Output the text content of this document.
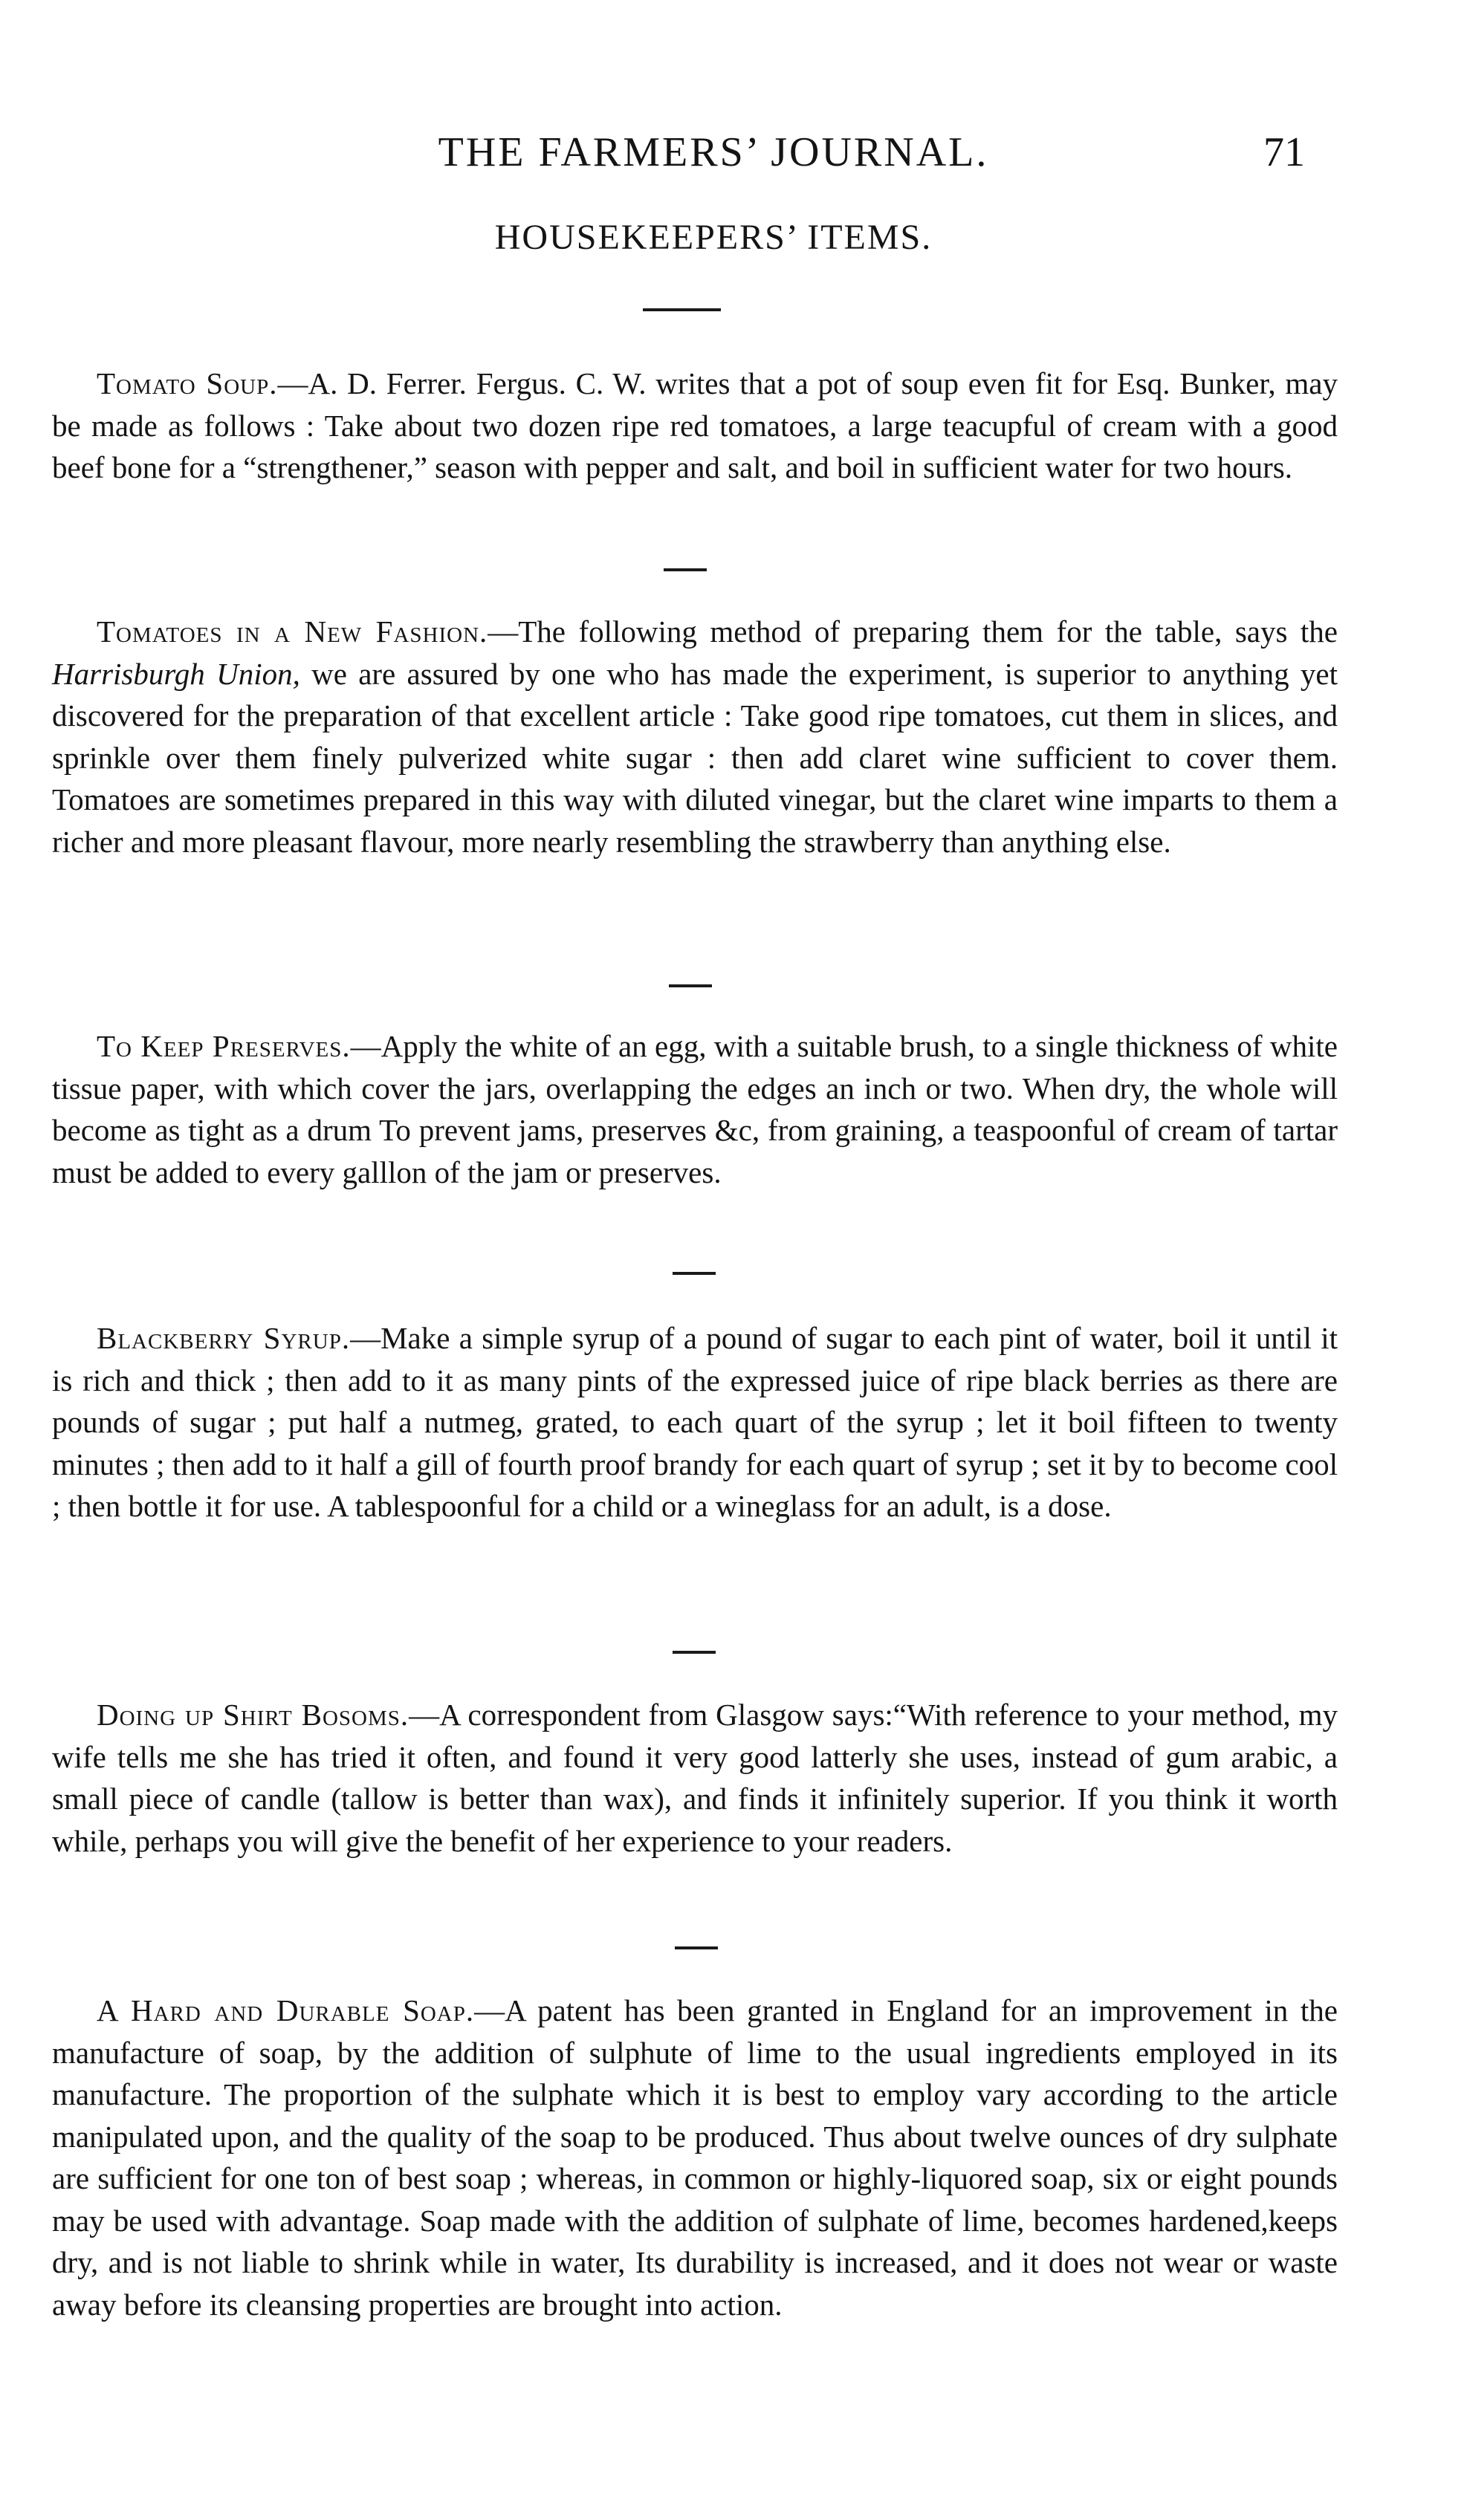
THE FARMERS’ JOURNAL.	71
HOUSEKEEPERS’ ITEMS.

Tomato Soup.—A. D. Ferrer. Fergus. C. W. writes that a pot of soup even fit for Esq. Bunker, may be made as follows : Take about two dozen ripe red tomatoes, a large teacupful of cream with a good beef bone for a “strengthener,” season with pepper and salt, and boil in sufficient water for two hours.

Tomatoes in a New Fashion.—The following method of preparing them for the table, says the Harrisburgh Union, we are assured by one who has made the experiment, is superior to anything yet discovered for the preparation of that excellent article : Take good ripe tomatoes, cut them in slices, and sprinkle over them finely pulverized white sugar : then add claret wine sufficient to cover them. Tomatoes are sometimes prepared in this way with diluted vinegar, but the claret wine imparts to them a richer and more pleasant flavour, more nearly resembling the strawberry than anything else.

To Keep Preserves.—Apply the white of an egg, with a suitable brush, to a single thickness of white tissue paper, with which cover the jars, overlapping the edges an inch or two. When dry, the whole will become as tight as a drum To prevent jams, preserves &c, from graining, a teaspoonful of cream of tartar must be added to every galllon of the jam or preserves.

Blackberry Syrup.—Make a simple syrup of a pound of sugar to each pint of water, boil it until it is rich and thick ; then add to it as many pints of the expressed juice of ripe black berries as there are pounds of sugar ; put half a nutmeg, grated, to each quart of the syrup ; let it boil fifteen to twenty minutes ; then add to it half a gill of fourth proof brandy for each quart of syrup ; set it by to become cool ; then bottle it for use. A tablespoonful for a child or a wineglass for an adult, is a dose.

Doing up Shirt Bosoms.—A correspondent from Glasgow says:“With reference to your method, my wife tells me she has tried it often, and found it very good latterly she uses, instead of gum arabic, a small piece of candle (tallow is better than wax), and finds it infinitely superior. If you think it worth while, perhaps you will give the benefit of her experience to your readers.

A Hard and Durable Soap.—A patent has been granted in England for an improvement in the manufacture of soap, by the addition of sulphute of lime to the usual ingredients employed in its manufacture. The proportion of the sulphate which it is best to employ vary according to the article manipulated upon, and the quality of the soap to be produced. Thus about twelve ounces of dry sulphate are sufficient for one ton of best soap ; whereas, in common or highly-liquored soap, six or eight pounds may be used with advantage. Soap made with the addition of sulphate of lime, becomes hardened,keeps dry, and is not liable to shrink while in water, Its durability is increased, and it does not wear or waste away before its cleansing properties are brought into action.
